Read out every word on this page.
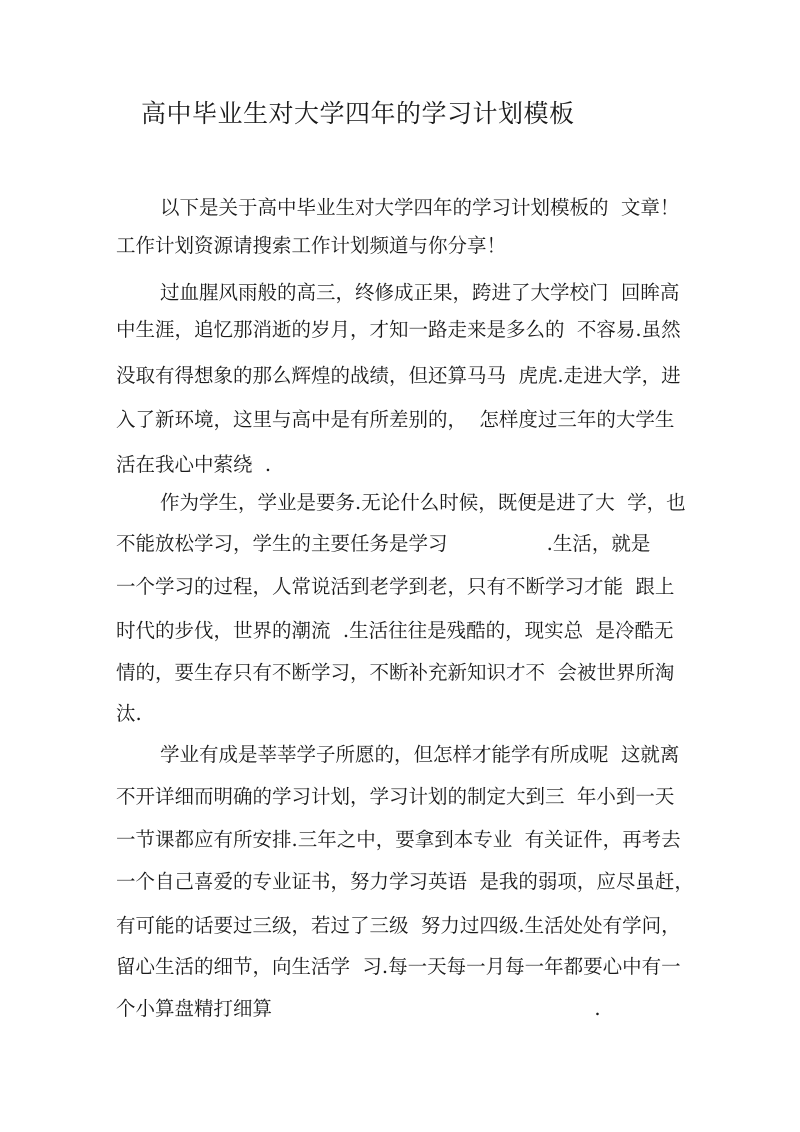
高中毕业生对大学四年的学习计划模板
以下是关于高中毕业生对大学四年的学习计划模板的  文章！
工作计划资源请搜索工作计划频道与你分享！
过血腥风雨般的高三，终修成正果，跨进了大学校门  回眸高
中生涯，追忆那消逝的岁月，才知一路走来是多么的  不容易.虽然
没取有得想象的那么辉煌的战绩，但还算马马  虎虎.走进大学，进
入了新环境，这里与高中是有所差别的，  怎样度过三年的大学生
活在我心中萦绕  .
作为学生，学业是要务.无论什么时候，既便是进了大  学，也
不能放松学习，学生的主要任务是学习                .生活，就是
一个学习的过程，人常说活到老学到老，只有不断学习才能  跟上
时代的步伐，世界的潮流  .生活往往是残酷的，现实总  是冷酷无
情的，要生存只有不断学习，不断补充新知识才不  会被世界所淘
汰.
学业有成是莘莘学子所愿的，但怎样才能学有所成呢  这就离
不开详细而明确的学习计划，学习计划的制定大到三  年小到一天
一节课都应有所安排.三年之中，要拿到本专业  有关证件，再考去
一个自己喜爱的专业证书，努力学习英语  是我的弱项，应尽虽赶，
有可能的话要过三级，若过了三级  努力过四级.生活处处有学问，
留心生活的细节，向生活学  习.每一天每一月每一年都要心中有一
个小算盘精打细算                                                    .
